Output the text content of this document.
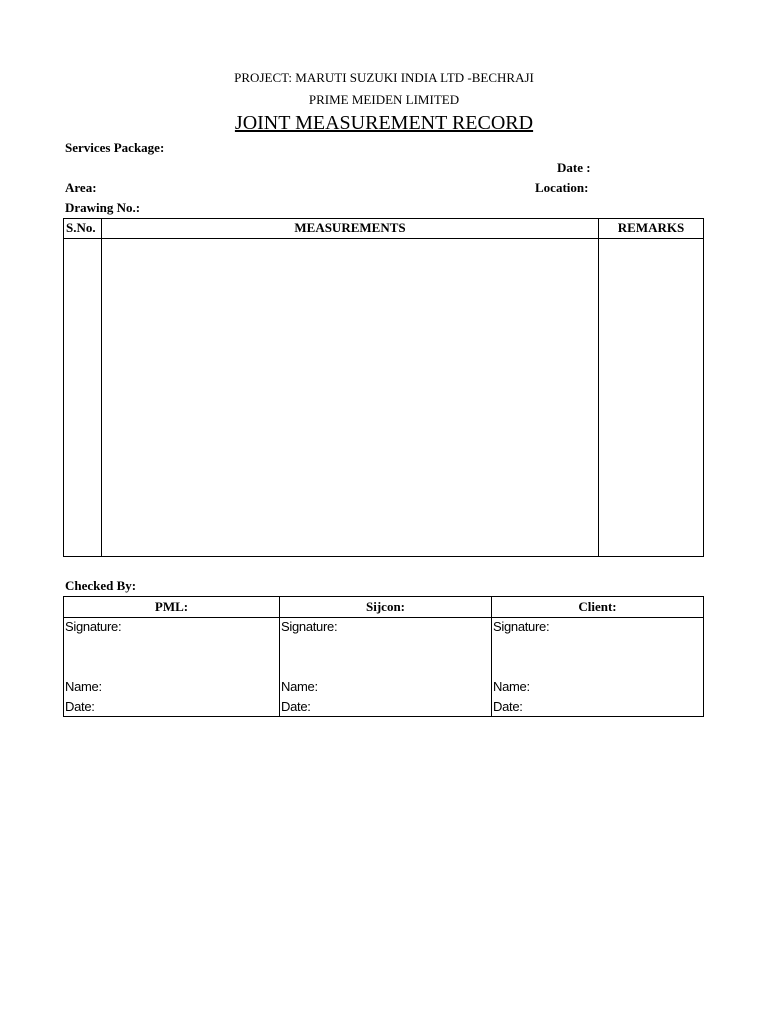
PROJECT: MARUTI SUZUKI INDIA LTD -BECHRAJI
PRIME MEIDEN LIMITED
JOINT MEASUREMENT RECORD
Services Package:
Date :
Area:	Location:
Drawing No.:
S.No.	MEASUREMENTS	REMARKS
Checked By:
PML:	Sijcon:	Client:
Signature:
Name:
Date:
Signature:
Name:
Date:
Signature:
Name:
Date:
